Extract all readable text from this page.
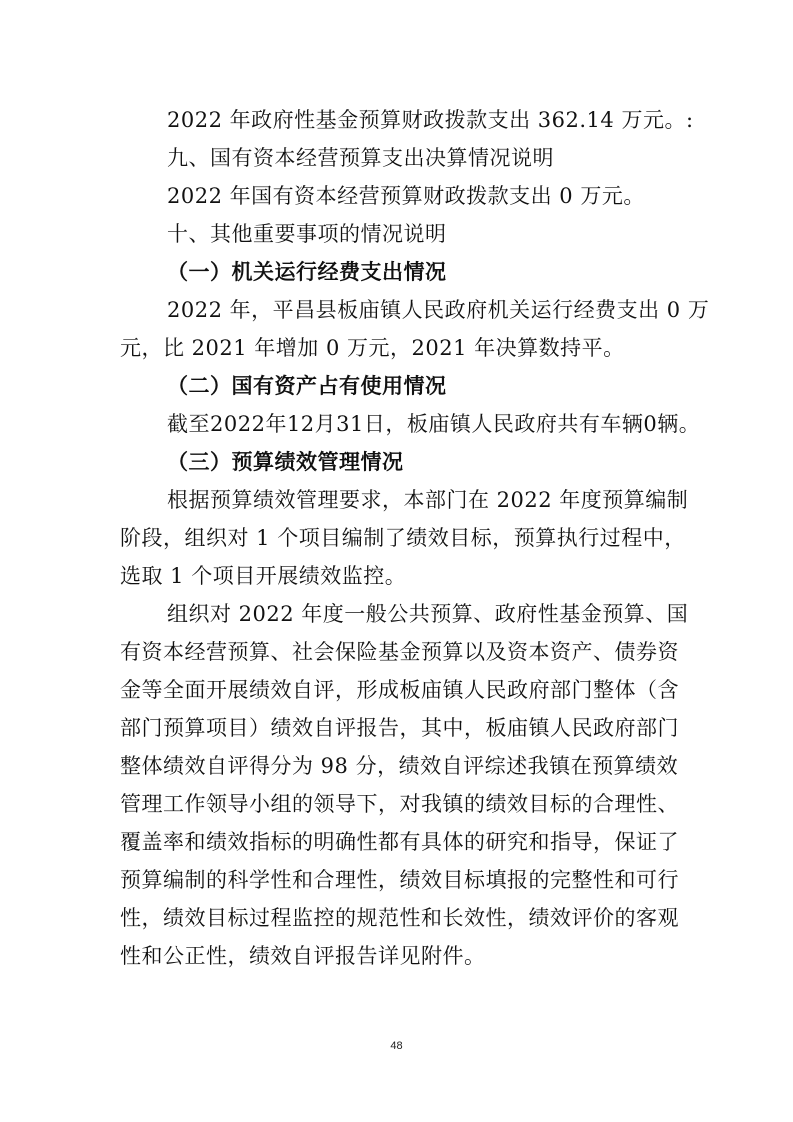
2022 年政府性基金预算财政拨款支出 362.14 万元。:
九、国有资本经营预算支出决算情况说明
2022 年国有资本经营预算财政拨款支出 0 万元。
十、其他重要事项的情况说明
（一）机关运行经费支出情况
2022 年，平昌县板庙镇人民政府机关运行经费支出 0 万
元，比 2021 年增加 0 万元，2021 年决算数持平。
（二）国有资产占有使用情况
截至2022年12月31日，板庙镇人民政府共有车辆0辆。
（三）预算绩效管理情况
根据预算绩效管理要求，本部门在 2022 年度预算编制
阶段，组织对 1 个项目编制了绩效目标，预算执行过程中，
选取 1 个项目开展绩效监控。
组织对 2022 年度一般公共预算、政府性基金预算、国
有资本经营预算、社会保险基金预算以及资本资产、债券资
金等全面开展绩效自评，形成板庙镇人民政府部门整体（含
部门预算项目）绩效自评报告，其中，板庙镇人民政府部门
整体绩效自评得分为 98 分，绩效自评综述我镇在预算绩效
管理工作领导小组的领导下，对我镇的绩效目标的合理性、
覆盖率和绩效指标的明确性都有具体的研究和指导，保证了
预算编制的科学性和合理性，绩效目标填报的完整性和可行
性，绩效目标过程监控的规范性和长效性，绩效评价的客观
性和公正性，绩效自评报告详见附件。
48
